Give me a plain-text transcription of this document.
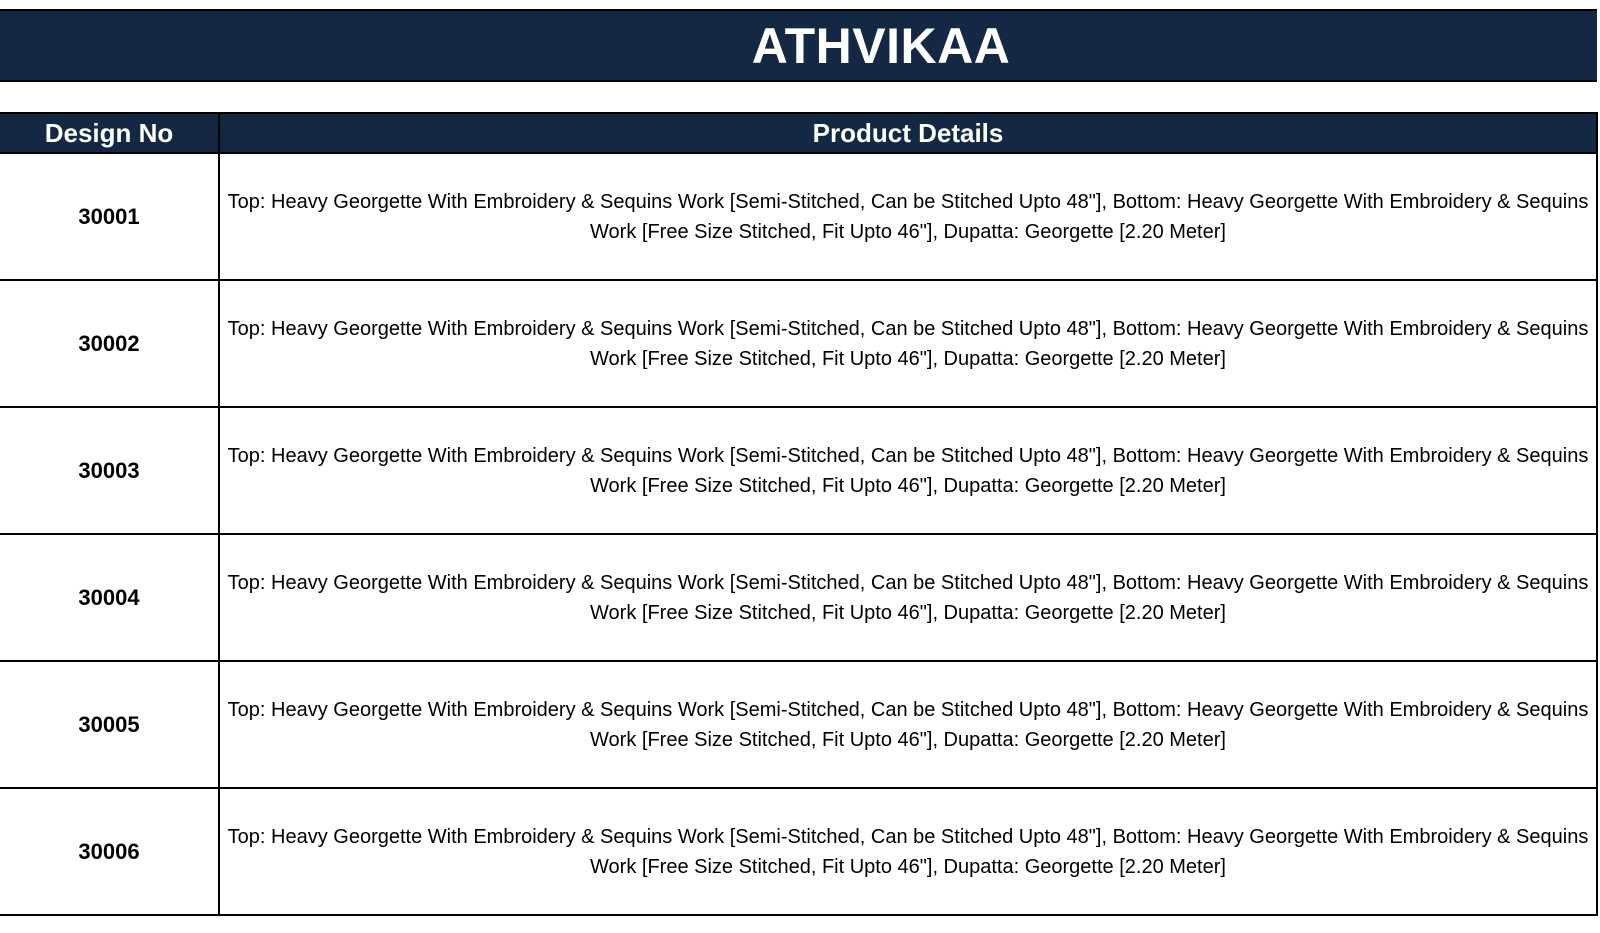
ATHVIKAA
Design No	Product Details
30001	Top: Heavy Georgette With Embroidery & Sequins Work [Semi-Stitched, Can be Stitched Upto 48"], Bottom: Heavy Georgette With Embroidery & Sequins Work [Free Size Stitched, Fit Upto 46"], Dupatta: Georgette [2.20 Meter]
30002	Top: Heavy Georgette With Embroidery & Sequins Work [Semi-Stitched, Can be Stitched Upto 48"], Bottom: Heavy Georgette With Embroidery & Sequins Work [Free Size Stitched, Fit Upto 46"], Dupatta: Georgette [2.20 Meter]
30003	Top: Heavy Georgette With Embroidery & Sequins Work [Semi-Stitched, Can be Stitched Upto 48"], Bottom: Heavy Georgette With Embroidery & Sequins Work [Free Size Stitched, Fit Upto 46"], Dupatta: Georgette [2.20 Meter]
30004	Top: Heavy Georgette With Embroidery & Sequins Work [Semi-Stitched, Can be Stitched Upto 48"], Bottom: Heavy Georgette With Embroidery & Sequins Work [Free Size Stitched, Fit Upto 46"], Dupatta: Georgette [2.20 Meter]
30005	Top: Heavy Georgette With Embroidery & Sequins Work [Semi-Stitched, Can be Stitched Upto 48"], Bottom: Heavy Georgette With Embroidery & Sequins Work [Free Size Stitched, Fit Upto 46"], Dupatta: Georgette [2.20 Meter]
30006	Top: Heavy Georgette With Embroidery & Sequins Work [Semi-Stitched, Can be Stitched Upto 48"], Bottom: Heavy Georgette With Embroidery & Sequins Work [Free Size Stitched, Fit Upto 46"], Dupatta: Georgette [2.20 Meter]
